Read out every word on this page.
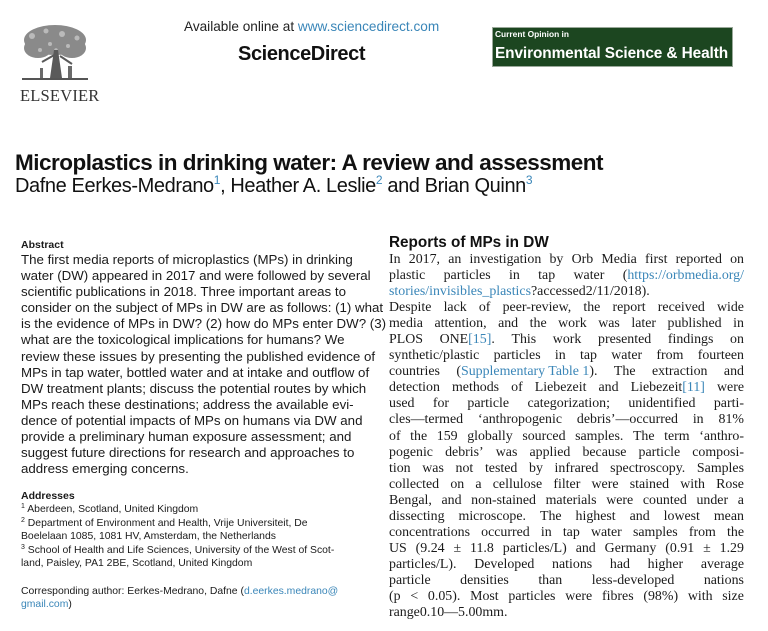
ELSEVIER
Available online at www.sciencedirect.com
ScienceDirect
Current Opinion in
Environmental Science & Health
Microplastics in drinking water: A review and assessment
Dafne Eerkes-Medrano$^1$, Heather A. Leslie$^2$ and Brian Quinn$^3$
Abstract
The first media reports of microplastics (MPs) in drinking
water (DW) appeared in 2017 and were followed by several
scientific publications in 2018. Three important areas to
consider on the subject of MPs in DW are as follows: (1) what
is the evidence of MPs in DW? (2) how do MPs enter DW? (3)
what are the toxicological implications for humans? We
review these issues by presenting the published evidence of
MPs in tap water, bottled water and at intake and outflow of
DW treatment plants; discuss the potential routes by which
MPs reach these destinations; address the available evi-
dence of potential impacts of MPs on humans via DW and
provide a preliminary human exposure assessment; and
suggest future directions for research and approaches to
address emerging concerns.
Addresses
$^1$ Aberdeen, Scotland, United Kingdom
$^2$ Department of Environment and Health, Vrije Universiteit, De
Boelelaan 1085, 1081 HV, Amsterdam, the Netherlands
$^3$ School of Health and Life Sciences, University of the West of Scot-
land, Paisley, PA1 2BE, Scotland, United Kingdom
Corresponding author: Eerkes-Medrano, Dafne (d.eerkes.medrano@
gmail.com)
Reports of MPs in DW
In 2017, an investigation by Orb Media first reported on
plastic particles in tap water (https://orbmedia.org/
stories/invisibles_plastics?accessed2/11/2018).
Despite lack of peer-review, the report received wide
media attention, and the work was later published in
PLOS ONE[15]. This work presented findings on
synthetic/plastic particles in tap water from fourteen
countries (Supplementary Table 1). The extraction and
detection methods of Liebezeit and Liebezeit[11] were
used for particle categorization; unidentified parti-
cles—termed ‘anthropogenic debris’—occurred in 81%
of the 159 globally sourced samples. The term ‘anthro-
pogenic debris’ was applied because particle composi-
tion was not tested by infrared spectroscopy. Samples
collected on a cellulose filter were stained with Rose
Bengal, and non-stained materials were counted under a
dissecting microscope. The highest and lowest mean
concentrations occurred in tap water samples from the
US (9.24 ± 11.8 particles/L) and Germany (0.91 ± 1.29
particles/L). Developed nations had higher average
particle densities than less-developed nations
(p < 0.05). Most particles were fibres (98%) with size
range 0.10—5.00 mm.
